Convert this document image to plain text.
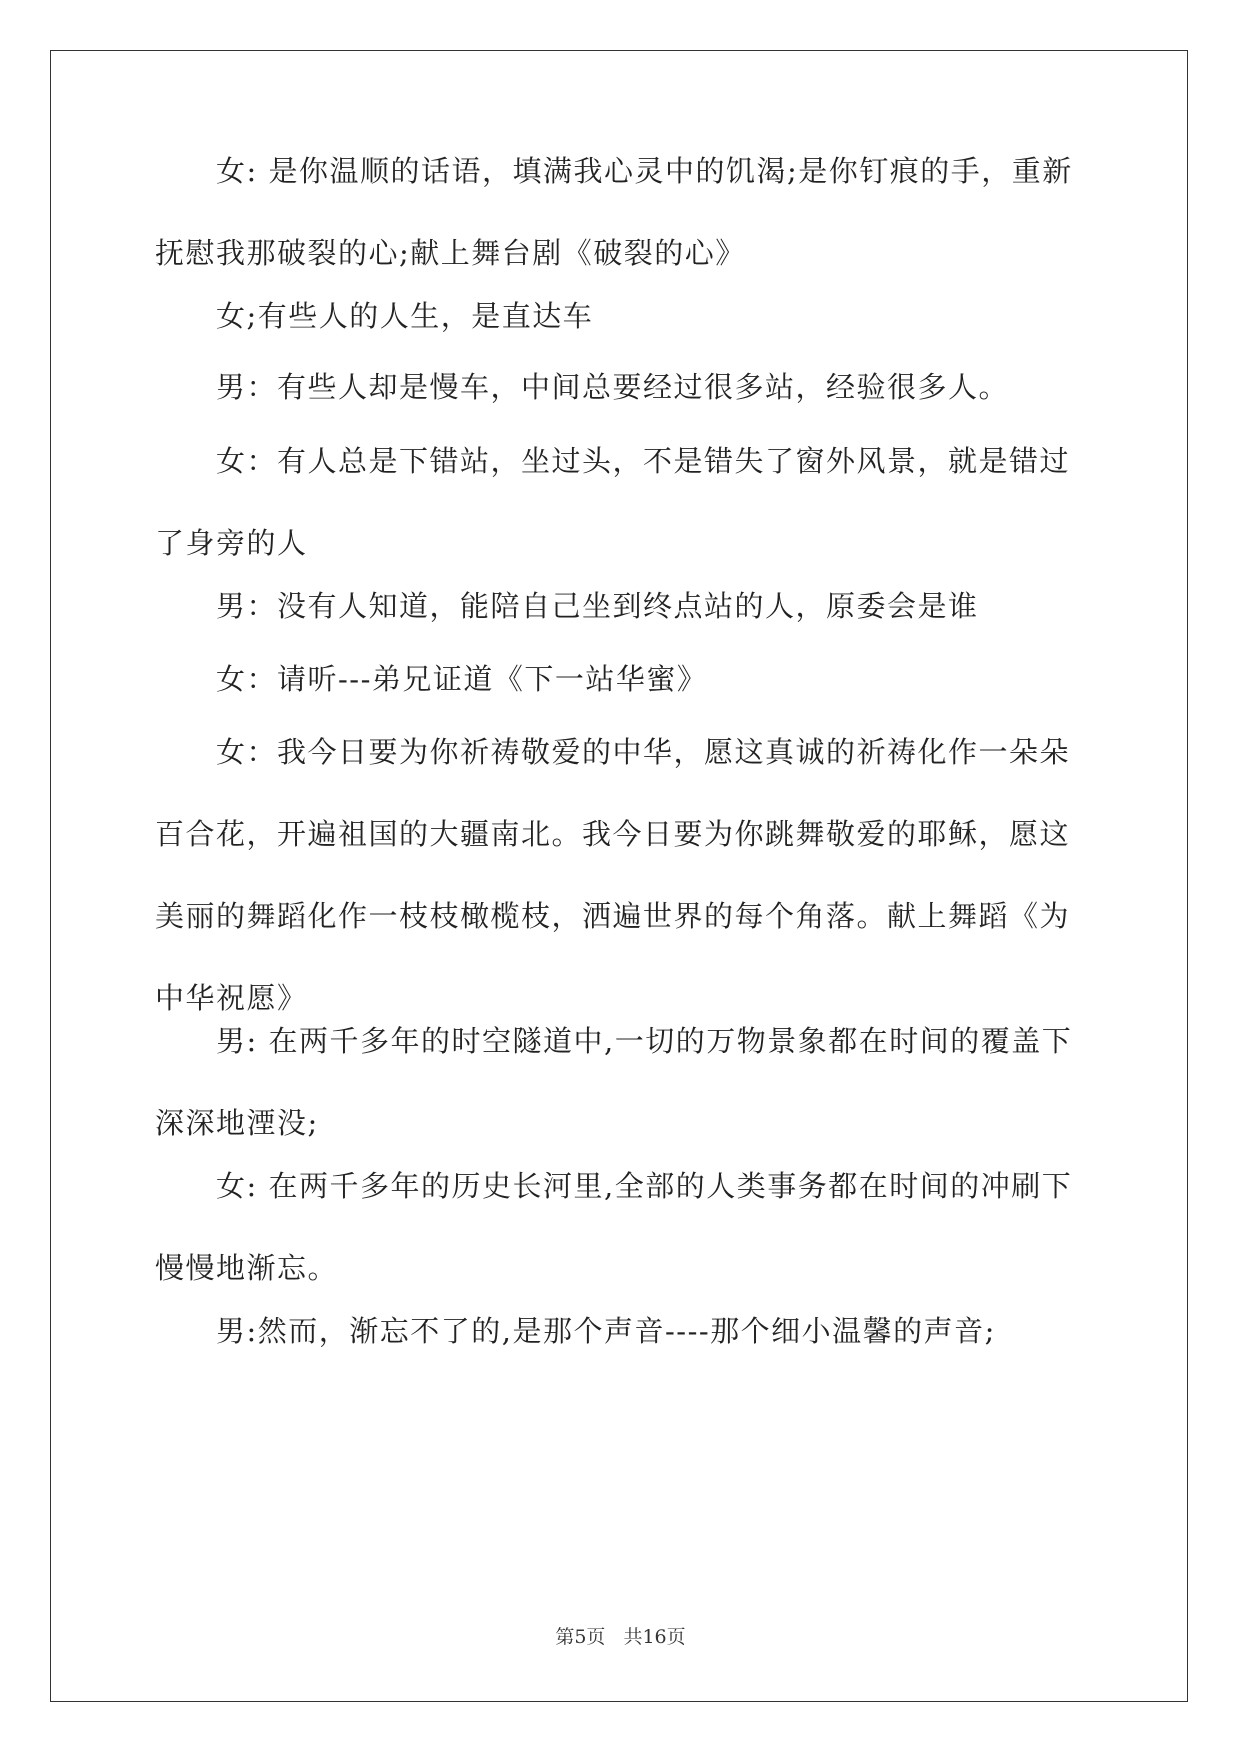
　　女: 是你温顺的话语，填满我心灵中的饥渴;是你钉痕的手，重新

抚慰我那破裂的心;献上舞台剧《破裂的心》

　　女;有些人的人生，是直达车

　　男：有些人却是慢车，中间总要经过很多站，经验很多人。

　　女：有人总是下错站，坐过头，不是错失了窗外风景，就是错过

了身旁的人

　　男：没有人知道，能陪自己坐到终点站的人，原委会是谁

　　女：请听---弟兄证道《下一站华蜜》

　　女：我今日要为你祈祷敬爱的中华，愿这真诚的祈祷化作一朵朵

百合花，开遍祖国的大疆南北。我今日要为你跳舞敬爱的耶稣，愿这

美丽的舞蹈化作一枝枝橄榄枝，洒遍世界的每个角落。献上舞蹈《为

中华祝愿》

　　男: 在两千多年的时空隧道中,一切的万物景象都在时间的覆盖下

深深地湮没;

　　女: 在两千多年的历史长河里,全部的人类事务都在时间的冲刷下

慢慢地渐忘。

　　男:然而，渐忘不了的,是那个声音----那个细小温馨的声音;

第5页 共16页
